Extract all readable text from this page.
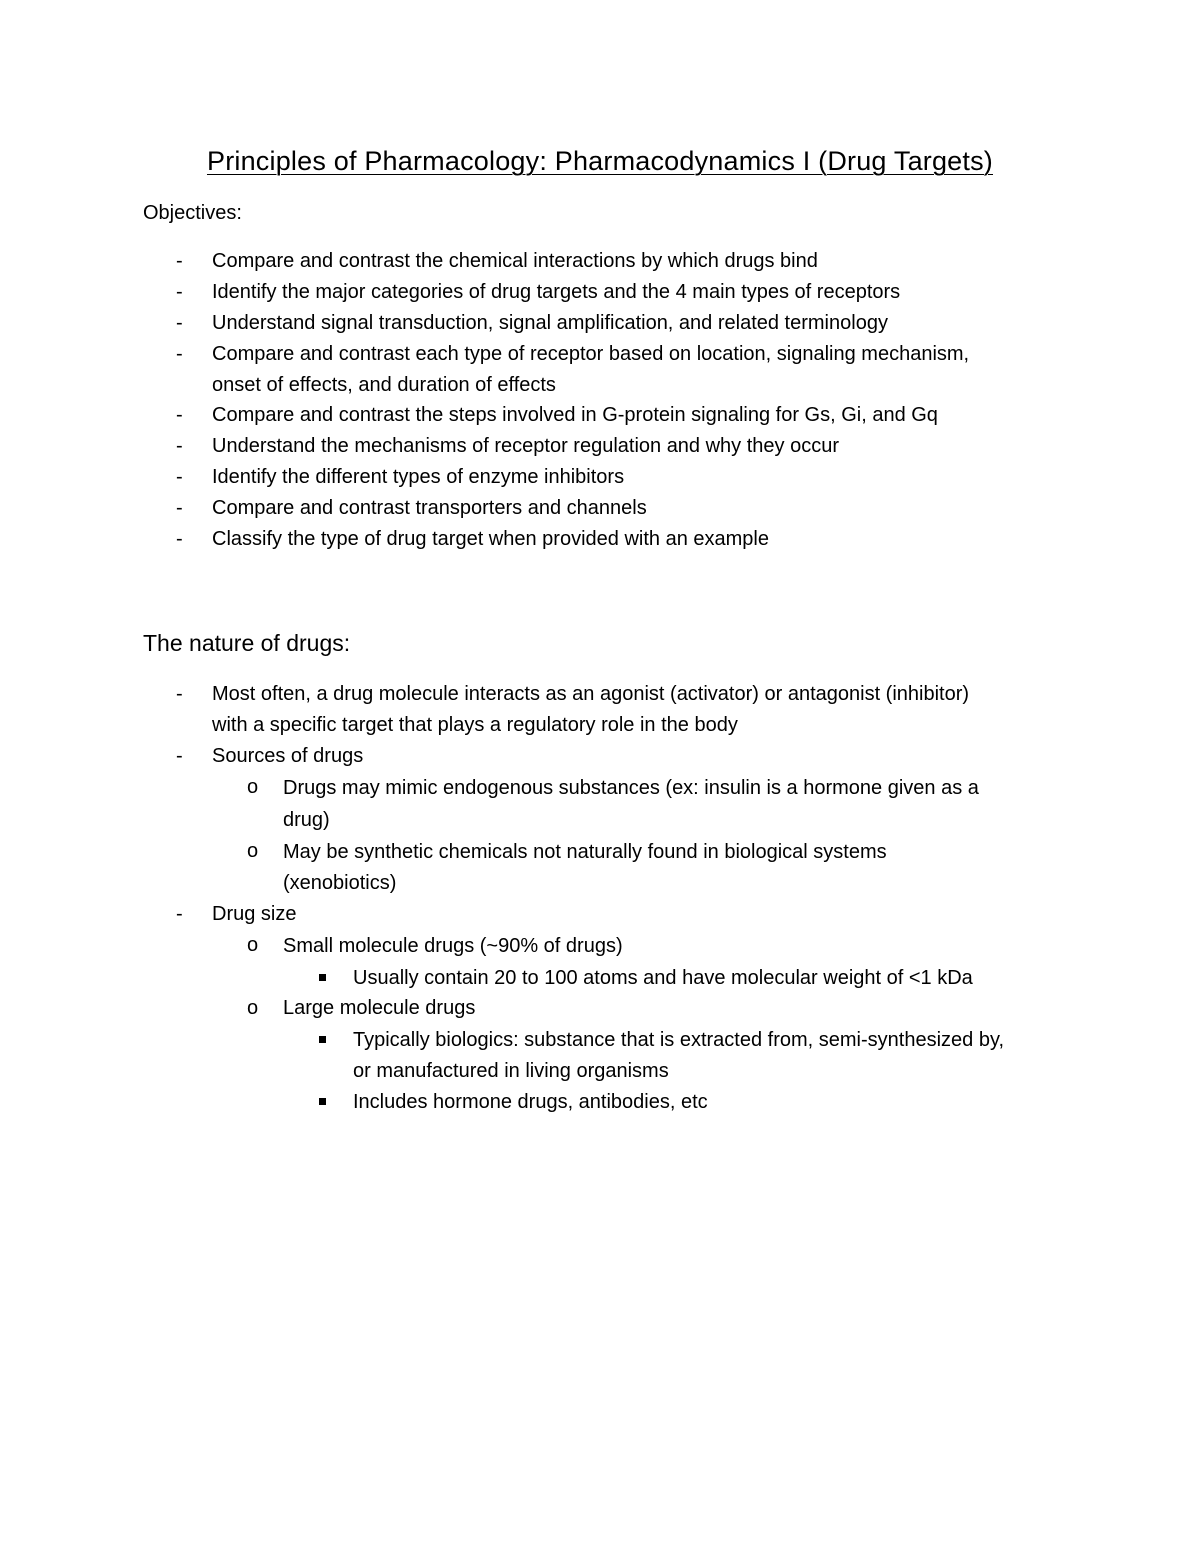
Principles of Pharmacology: Pharmacodynamics I (Drug Targets)
Objectives:
- Compare and contrast the chemical interactions by which drugs bind
- Identify the major categories of drug targets and the 4 main types of receptors
- Understand signal transduction, signal amplification, and related terminology
- Compare and contrast each type of receptor based on location, signaling mechanism,
onset of effects, and duration of effects
- Compare and contrast the steps involved in G-protein signaling for Gs, Gi, and Gq
- Understand the mechanisms of receptor regulation and why they occur
- Identify the different types of enzyme inhibitors
- Compare and contrast transporters and channels
- Classify the type of drug target when provided with an example
The nature of drugs:
- Most often, a drug molecule interacts as an agonist (activator) or antagonist (inhibitor)
with a specific target that plays a regulatory role in the body
- Sources of drugs
o Drugs may mimic endogenous substances (ex: insulin is a hormone given as a
drug)
o May be synthetic chemicals not naturally found in biological systems
(xenobiotics)
- Drug size
o Small molecule drugs (~90% of drugs)
Usually contain 20 to 100 atoms and have molecular weight of <1 kDa
o Large molecule drugs
Typically biologics: substance that is extracted from, semi-synthesized by,
or manufactured in living organisms
Includes hormone drugs, antibodies, etc
